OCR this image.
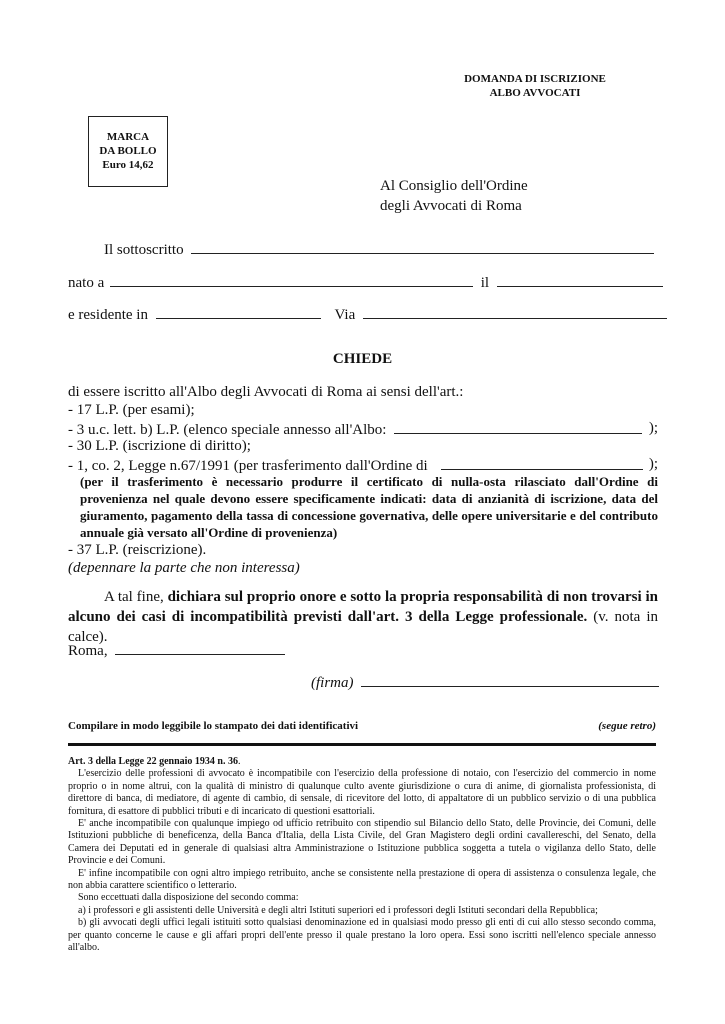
DOMANDA DI ISCRIZIONE
ALBO AVVOCATI
MARCA
DA BOLLO
Euro 14,62
Al Consiglio dell'Ordine
degli Avvocati di Roma
Il sottoscritto
nato a	il
e residente in	Via
CHIEDE
di essere iscritto all'Albo degli Avvocati di Roma ai sensi dell'art.:
- 17 L.P. (per esami);
- 3 u.c. lett. b) L.P. (elenco speciale annesso all'Albo:	);
- 30 L.P. (iscrizione di diritto);
- 1, co. 2, Legge n.67/1991 (per trasferimento dall'Ordine di	);
(per il trasferimento è necessario produrre il certificato di nulla-osta rilasciato dall'Ordine di provenienza nel quale devono essere specificamente indicati: data di anzianità di iscrizione, data del giuramento, pagamento della tassa di concessione governativa, delle opere universitarie e del contributo annuale già versato all'Ordine di provenienza)
- 37 L.P. (reiscrizione).
(depennare la parte che non interessa)
A tal fine, dichiara sul proprio onore e sotto la propria responsabilità di non trovarsi in alcuno dei casi di incompatibilità previsti dall'art. 3 della Legge professionale. (v. nota in calce).
Roma,
(firma)
Compilare in modo leggibile lo stampato dei dati identificativi	(segue retro)
Art. 3 della Legge 22 gennaio 1934 n. 36.

L'esercizio delle professioni di avvocato è incompatibile con l'esercizio della professione di notaio, con l'esercizio del commercio in nome proprio o in nome altrui, con la qualità di ministro di qualunque culto avente giurisdizione o cura di anime, di giornalista professionista, di direttore di banca, di mediatore, di agente di cambio, di sensale, di ricevitore del lotto, di appaltatore di un pubblico servizio o di una pubblica fornitura, di esattore di pubblici tributi e di incaricato di questioni esattoriali.

E' anche incompatibile con qualunque impiego od ufficio retribuito con stipendio sul Bilancio dello Stato, delle Provincie, dei Comuni, delle Istituzioni pubbliche di beneficenza, della Banca d'Italia, della Lista Civile, del Gran Magistero degli ordini cavallereschi, del Senato, della Camera dei Deputati ed in generale di qualsiasi altra Amministrazione o Istituzione pubblica soggetta a tutela o vigilanza dello Stato, delle Provincie e dei Comuni.

E' infine incompatibile con ogni altro impiego retribuito, anche se consistente nella prestazione di opera di assistenza o consulenza legale, che non abbia carattere scientifico o letterario.

Sono eccettuati dalla disposizione del secondo comma:

a) i professori e gli assistenti delle Università e degli altri Istituti superiori ed i professori degli Istituti secondari della Repubblica;

b) gli avvocati degli uffici legali istituiti sotto qualsiasi denominazione ed in qualsiasi modo presso gli enti di cui allo stesso secondo comma, per quanto concerne le cause e gli affari propri dell'ente presso il quale prestano la loro opera. Essi sono iscritti nell'elenco speciale annesso all'albo.
